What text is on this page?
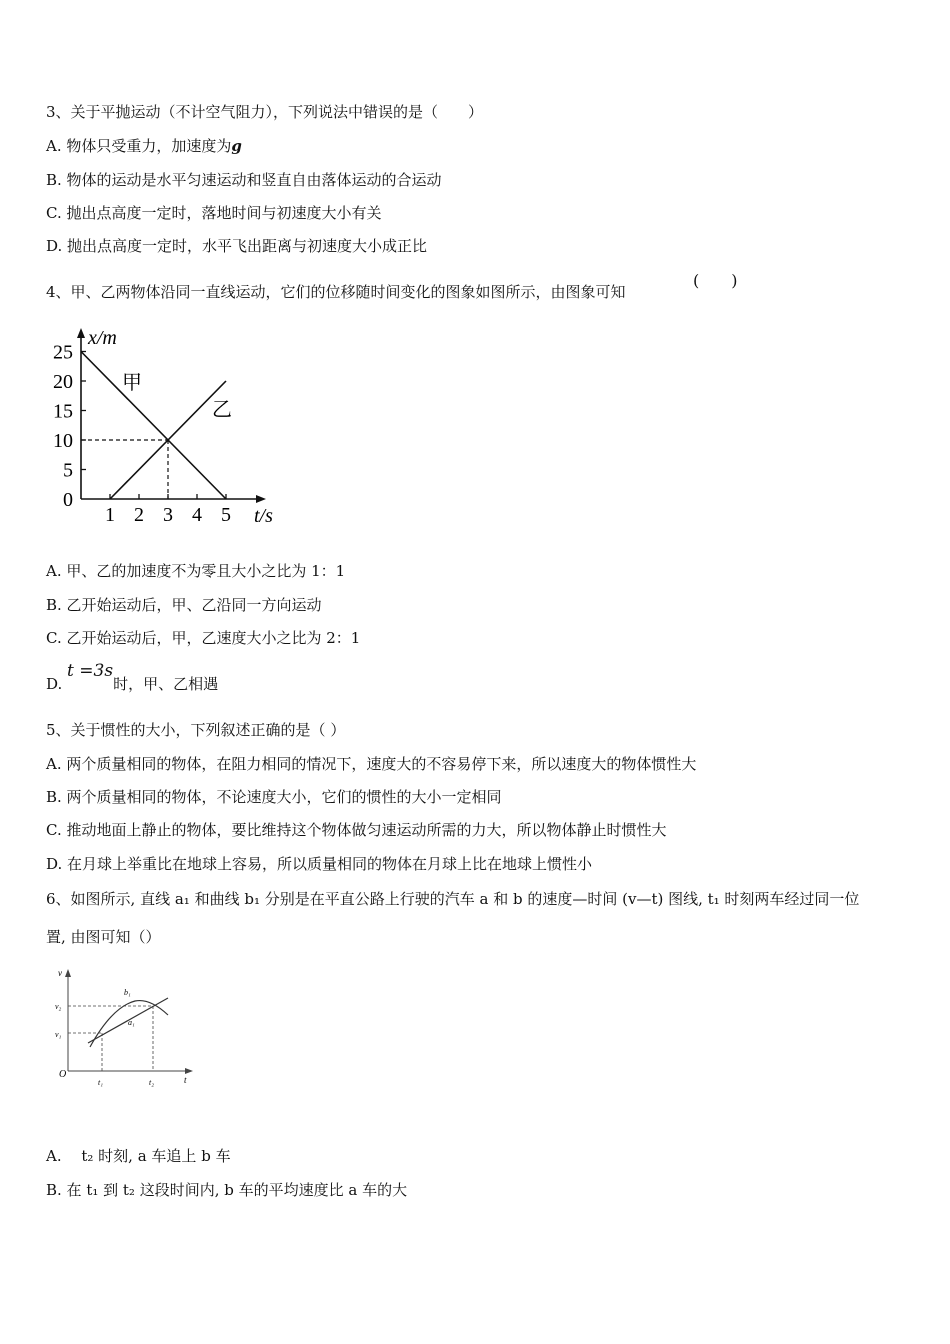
3、关于平抛运动（不计空气阻力），下列说法中错误的是（　　）
A. 物体只受重力，加速度为g
B. 物体的运动是水平匀速运动和竖直自由落体运动的合运动
C. 抛出点高度一定时，落地时间与初速度大小有关
D. 抛出点高度一定时，水平飞出距离与初速度大小成正比
4、甲、乙两物体沿同一直线运动，它们的位移随时间变化的图象如图所示，由图象可知
(　　)
0
5
10
15
20
25
1 2 3 4 5
x/m
t/s
甲
乙
A. 甲、乙的加速度不为零且大小之比为 1：1
B. 乙开始运动后，甲、乙沿同一方向运动
C. 乙开始运动后，甲，乙速度大小之比为 2：1
D. t =3s时，甲、乙相遇
5、关于惯性的大小，下列叙述正确的是（ ）
A. 两个质量相同的物体，在阻力相同的情况下，速度大的不容易停下来，所以速度大的物体惯性大
B. 两个质量相同的物体，不论速度大小，它们的惯性的大小一定相同
C. 推动地面上静止的物体，要比维持这个物体做匀速运动所需的力大，所以物体静止时惯性大
D. 在月球上举重比在地球上容易，所以质量相同的物体在月球上比在地球上惯性小
6、如图所示, 直线 a₁ 和曲线 b₁ 分别是在平直公路上行驶的汽车 a 和 b 的速度—时间 (v—t) 图线, t₁ 时刻两车经过同一位
置, 由图可知（）
v
t
O
v₂
v₁
t₁	t₂
b₁
a₁
A.　 t₂ 时刻, a 车追上 b 车
B. 在 t₁ 到 t₂ 这段时间内, b 车的平均速度比 a 车的大
